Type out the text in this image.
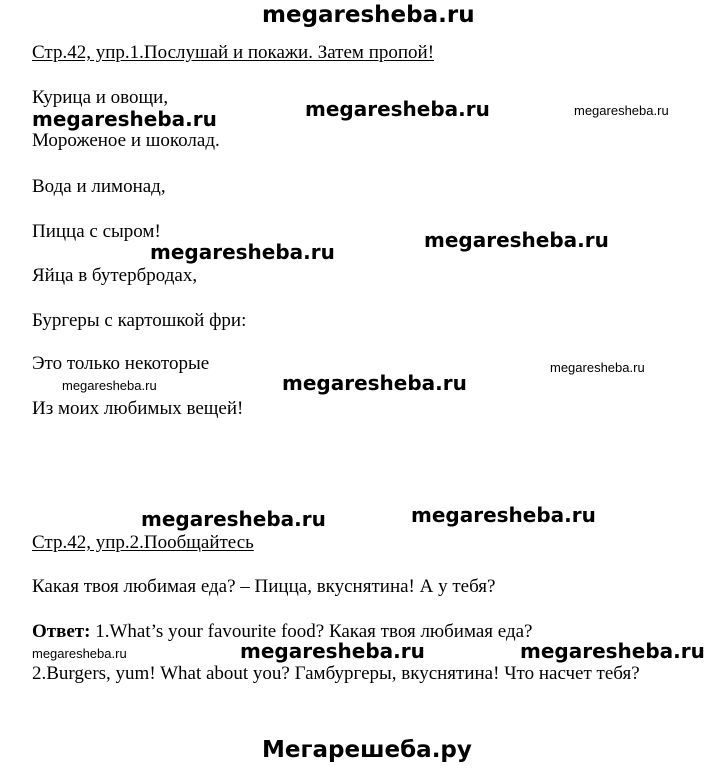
megaresheba.ru
Стр.42, упр.1.Послушай и покажи. Затем пропой!
Курица и овощи,
megaresheba.ru	megaresheba.ru	megaresheba.ru
Мороженое и шоколад.
Вода и лимонад,
Пицца с сыром!
megaresheba.ru	megaresheba.ru
Яйца в бутербродах,
Бургеры с картошкой фри:
Это только некоторые	megaresheba.ru
megaresheba.ru	megaresheba.ru
Из моих любимых вещей!
megaresheba.ru	megaresheba.ru
Стр.42, упр.2.Пообщайтесь
Какая твоя любимая еда? – Пицца, вкуснятина! А у тебя?
Ответ: 1.What’s your favourite food? Какая твоя любимая еда?
megaresheba.ru	megaresheba.ru	megaresheba.ru
2.Burgers, yum! What about you? Гамбургеры, вкуснятина! Что насчет тебя?
Мегарешеба.ру
